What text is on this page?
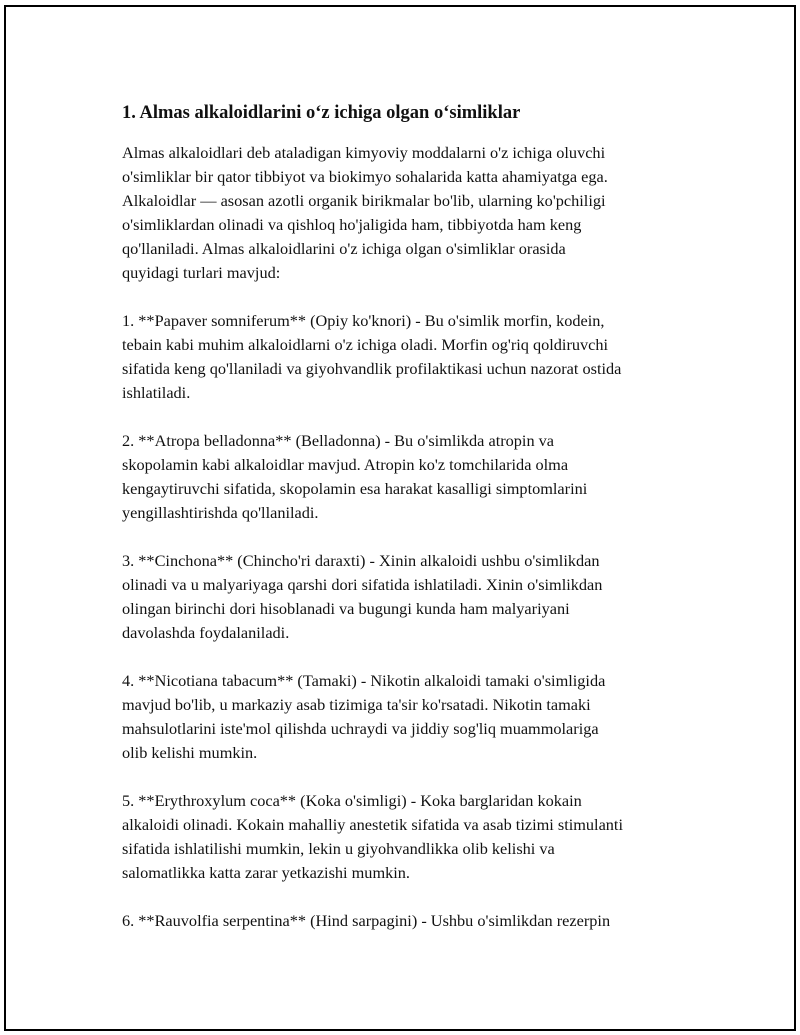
1. Almas alkaloidlarini o‘z ichiga olgan o‘simliklar

Almas alkaloidlari deb ataladigan kimyoviy moddalarni o'z ichiga oluvchi
o'simliklar bir qator tibbiyot va biokimyo sohalarida katta ahamiyatga ega.
Alkaloidlar — asosan azotli organik birikmalar bo'lib, ularning ko'pchiligi
o'simliklardan olinadi va qishloq ho'jaligida ham, tibbiyotda ham keng
qo'llaniladi. Almas alkaloidlarini o'z ichiga olgan o'simliklar orasida
quyidagi turlari mavjud:

1. **Papaver somniferum** (Opiy ko'knori) - Bu o'simlik morfin, kodein,
tebain kabi muhim alkaloidlarni o'z ichiga oladi. Morfin og'riq qoldiruvchi
sifatida keng qo'llaniladi va giyohvandlik profilaktikasi uchun nazorat ostida
ishlatiladi.

2. **Atropa belladonna** (Belladonna) - Bu o'simlikda atropin va
skopolamin kabi alkaloidlar mavjud. Atropin ko'z tomchilarida olma
kengaytiruvchi sifatida, skopolamin esa harakat kasalligi simptomlarini
yengillashtirishda qo'llaniladi.

3. **Cinchona** (Chincho'ri daraxti) - Xinin alkaloidi ushbu o'simlikdan
olinadi va u malyariyaga qarshi dori sifatida ishlatiladi. Xinin o'simlikdan
olingan birinchi dori hisoblanadi va bugungi kunda ham malyariyani
davolashda foydalaniladi.

4. **Nicotiana tabacum** (Tamaki) - Nikotin alkaloidi tamaki o'simligida
mavjud bo'lib, u markaziy asab tizimiga ta'sir ko'rsatadi. Nikotin tamaki
mahsulotlarini iste'mol qilishda uchraydi va jiddiy sog'liq muammolariga
olib kelishi mumkin.

5. **Erythroxylum coca** (Koka o'simligi) - Koka barglaridan kokain
alkaloidi olinadi. Kokain mahalliy anestetik sifatida va asab tizimi stimulanti
sifatida ishlatilishi mumkin, lekin u giyohvandlikka olib kelishi va
salomatlikka katta zarar yetkazishi mumkin.

6. **Rauvolfia serpentina** (Hind sarpagini) - Ushbu o'simlikdan rezerpin
